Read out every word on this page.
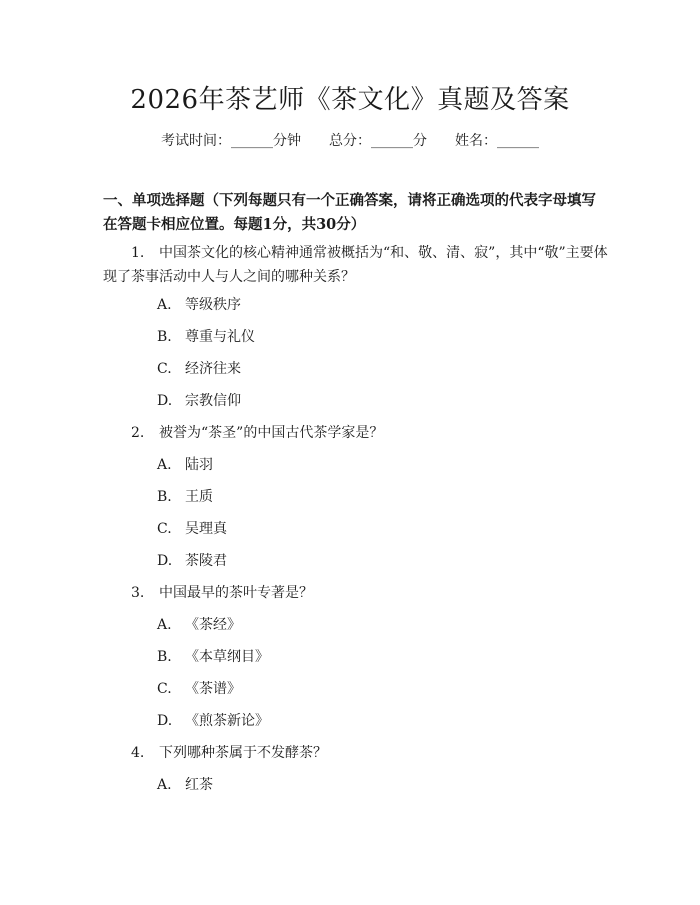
2026年茶艺师《茶文化》真题及答案
考试时间：______分钟 总分：______分 姓名：______
一、单项选择题（下列每题只有一个正确答案，请将正确选项的代表字母填写在答题卡相应位置。每题1分，共30分）
1. 中国茶文化的核心精神通常被概括为“和、敬、清、寂”，其中“敬”主要体现了茶事活动中人与人之间的哪种关系？
A. 等级秩序
B. 尊重与礼仪
C. 经济往来
D. 宗教信仰
2. 被誉为“茶圣”的中国古代茶学家是？
A. 陆羽
B. 王质
C. 吴理真
D. 茶陵君
3. 中国最早的茶叶专著是？
A. 《茶经》
B. 《本草纲目》
C. 《茶谱》
D. 《煎茶新论》
4. 下列哪种茶属于不发酵茶？
A. 红茶
